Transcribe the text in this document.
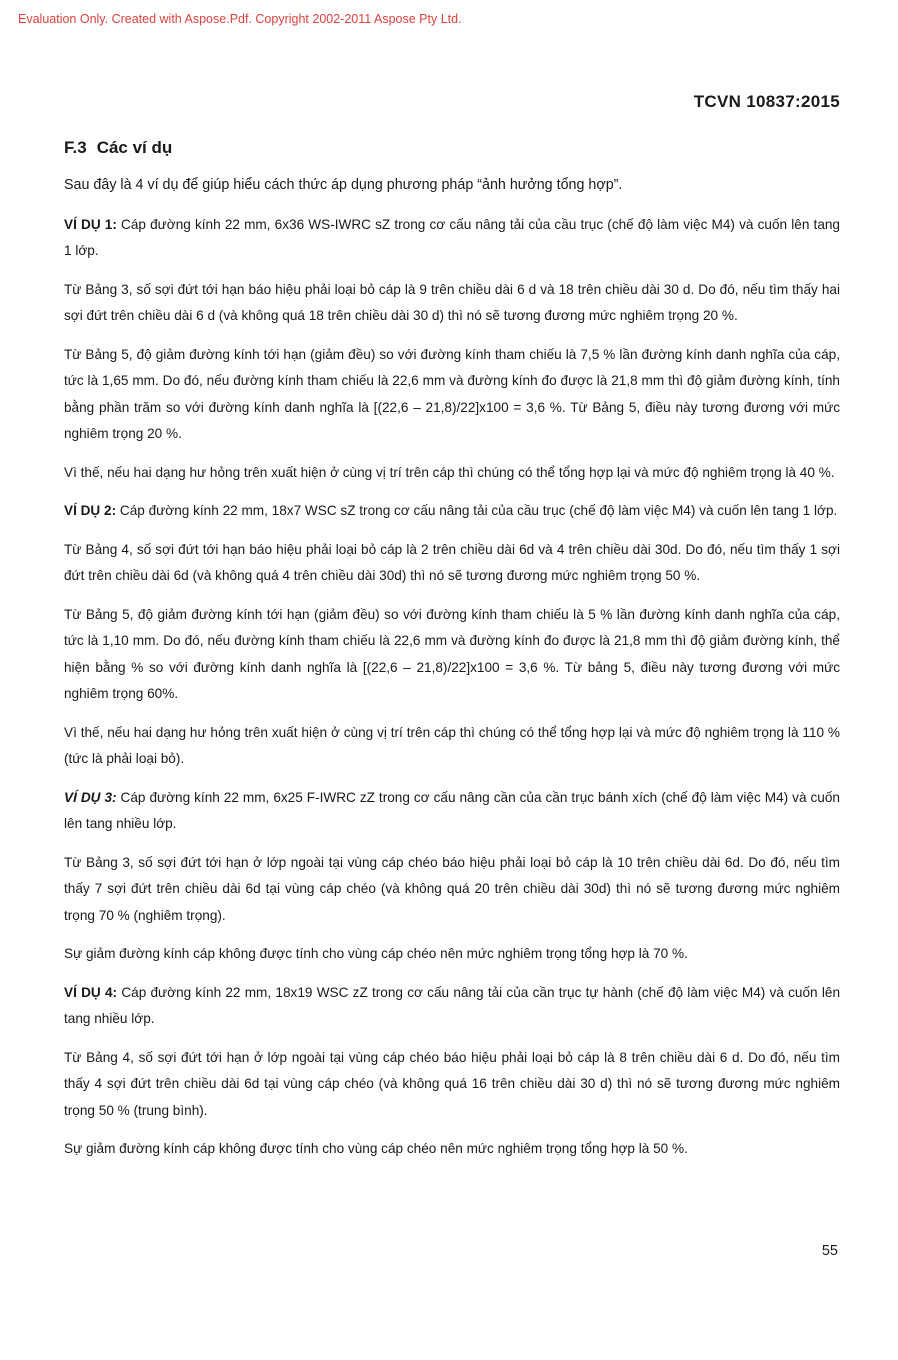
Evaluation Only. Created with Aspose.Pdf. Copyright 2002-2011 Aspose Pty Ltd.
TCVN 10837:2015
F.3 Các ví dụ

Sau đây là 4 ví dụ để giúp hiểu cách thức áp dụng phương pháp “ảnh hưởng tổng hợp”.

VÍ DỤ 1: Cáp đường kính 22 mm, 6x36 WS-IWRC sZ trong cơ cấu nâng tải của cầu trục (chế độ làm việc M4) và cuốn lên tang 1 lớp.

Từ Bảng 3, số sợi đứt tới hạn báo hiệu phải loại bỏ cáp là 9 trên chiều dài 6 d và 18 trên chiều dài 30 d. Do đó, nếu tìm thấy hai sợi đứt trên chiều dài 6 d (và không quá 18 trên chiều dài 30 d) thì nó sẽ tương đương mức nghiêm trọng 20 %.

Từ Bảng 5, độ giảm đường kính tới hạn (giảm đều) so với đường kính tham chiếu là 7,5 % lần đường kính danh nghĩa của cáp, tức là 1,65 mm. Do đó, nếu đường kính tham chiếu là 22,6 mm và đường kính đo được là 21,8 mm thì độ giảm đường kính, tính bằng phần trăm so với đường kính danh nghĩa là [(22,6 – 21,8)/22]x100 = 3,6 %. Từ Bảng 5, điều này tương đương với mức nghiêm trọng 20 %.

Vì thế, nếu hai dạng hư hỏng trên xuất hiện ở cùng vị trí trên cáp thì chúng có thể tổng hợp lại và mức độ nghiêm trọng là 40 %.

VÍ DỤ 2: Cáp đường kính 22 mm, 18x7 WSC sZ trong cơ cấu nâng tải của cầu trục (chế độ làm việc M4) và cuốn lên tang 1 lớp.

Từ Bảng 4, số sợi đứt tới hạn báo hiệu phải loại bỏ cáp là 2 trên chiều dài 6d và 4 trên chiều dài 30d. Do đó, nếu tìm thấy 1 sợi đứt trên chiều dài 6d (và không quá 4 trên chiều dài 30d) thì nó sẽ tương đương mức nghiêm trọng 50 %.

Từ Bảng 5, độ giảm đường kính tới hạn (giảm đều) so với đường kính tham chiếu là 5 % lần đường kính danh nghĩa của cáp, tức là 1,10 mm. Do đó, nếu đường kính tham chiếu là 22,6 mm và đường kính đo được là 21,8 mm thì độ giảm đường kính, thể hiện bằng % so với đường kính danh nghĩa là [(22,6 – 21,8)/22]x100 = 3,6 %. Từ bảng 5, điều này tương đương với mức nghiêm trọng 60%.

Vì thế, nếu hai dạng hư hỏng trên xuất hiện ở cùng vị trí trên cáp thì chúng có thể tổng hợp lại và mức độ nghiêm trọng là 110 % (tức là phải loại bỏ).

VÍ DỤ 3: Cáp đường kính 22 mm, 6x25 F-IWRC zZ trong cơ cấu nâng cần của cần trục bánh xích (chế độ làm việc M4) và cuốn lên tang nhiều lớp.

Từ Bảng 3, số sợi đứt tới hạn ở lớp ngoài tại vùng cáp chéo báo hiệu phải loại bỏ cáp là 10 trên chiều dài 6d. Do đó, nếu tìm thấy 7 sợi đứt trên chiều dài 6d tại vùng cáp chéo (và không quá 20 trên chiều dài 30d) thì nó sẽ tương đương mức nghiêm trọng 70 % (nghiêm trọng).

Sự giảm đường kính cáp không được tính cho vùng cáp chéo nên mức nghiêm trọng tổng hợp là 70 %.

VÍ DỤ 4: Cáp đường kính 22 mm, 18x19 WSC zZ trong cơ cấu nâng tải của cần trục tự hành (chế độ làm việc M4) và cuốn lên tang nhiều lớp.

Từ Bảng 4, số sợi đứt tới hạn ở lớp ngoài tại vùng cáp chéo báo hiệu phải loại bỏ cáp là 8 trên chiều dài 6 d. Do đó, nếu tìm thấy 4 sợi đứt trên chiều dài 6d tại vùng cáp chéo (và không quá 16 trên chiều dài 30 d) thì nó sẽ tương đương mức nghiêm trọng 50 % (trung bình).

Sự giảm đường kính cáp không được tính cho vùng cáp chéo nên mức nghiêm trọng tổng hợp là 50 %.

55
